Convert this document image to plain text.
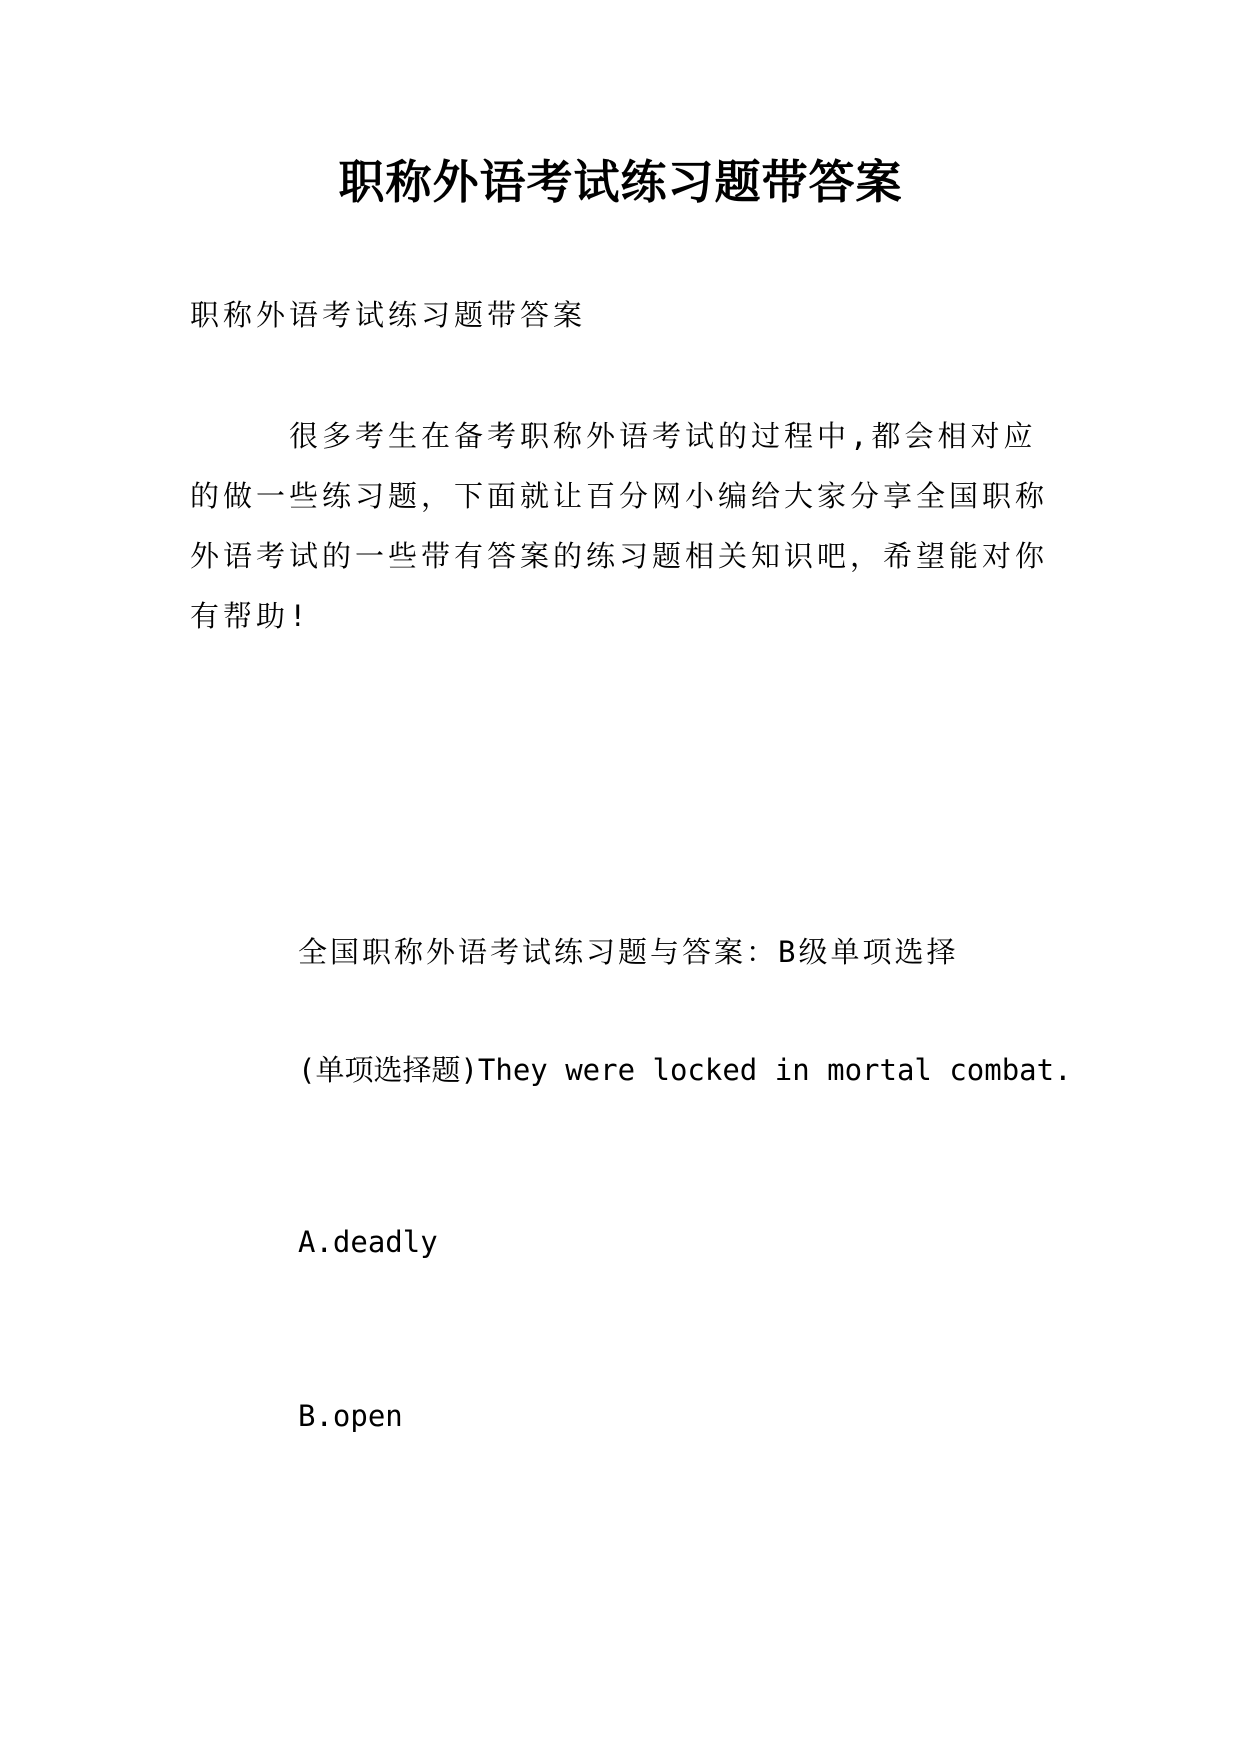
职称外语考试练习题带答案
职称外语考试练习题带答案
　　　很多考生在备考职称外语考试的过程中,都会相对应
的做一些练习题，下面就让百分网小编给大家分享全国职称
外语考试的一些带有答案的练习题相关知识吧，希望能对你
有帮助!
全国职称外语考试练习题与答案：B级单项选择
(单项选择题)They were locked in mortal combat.
A.deadly
B.open
